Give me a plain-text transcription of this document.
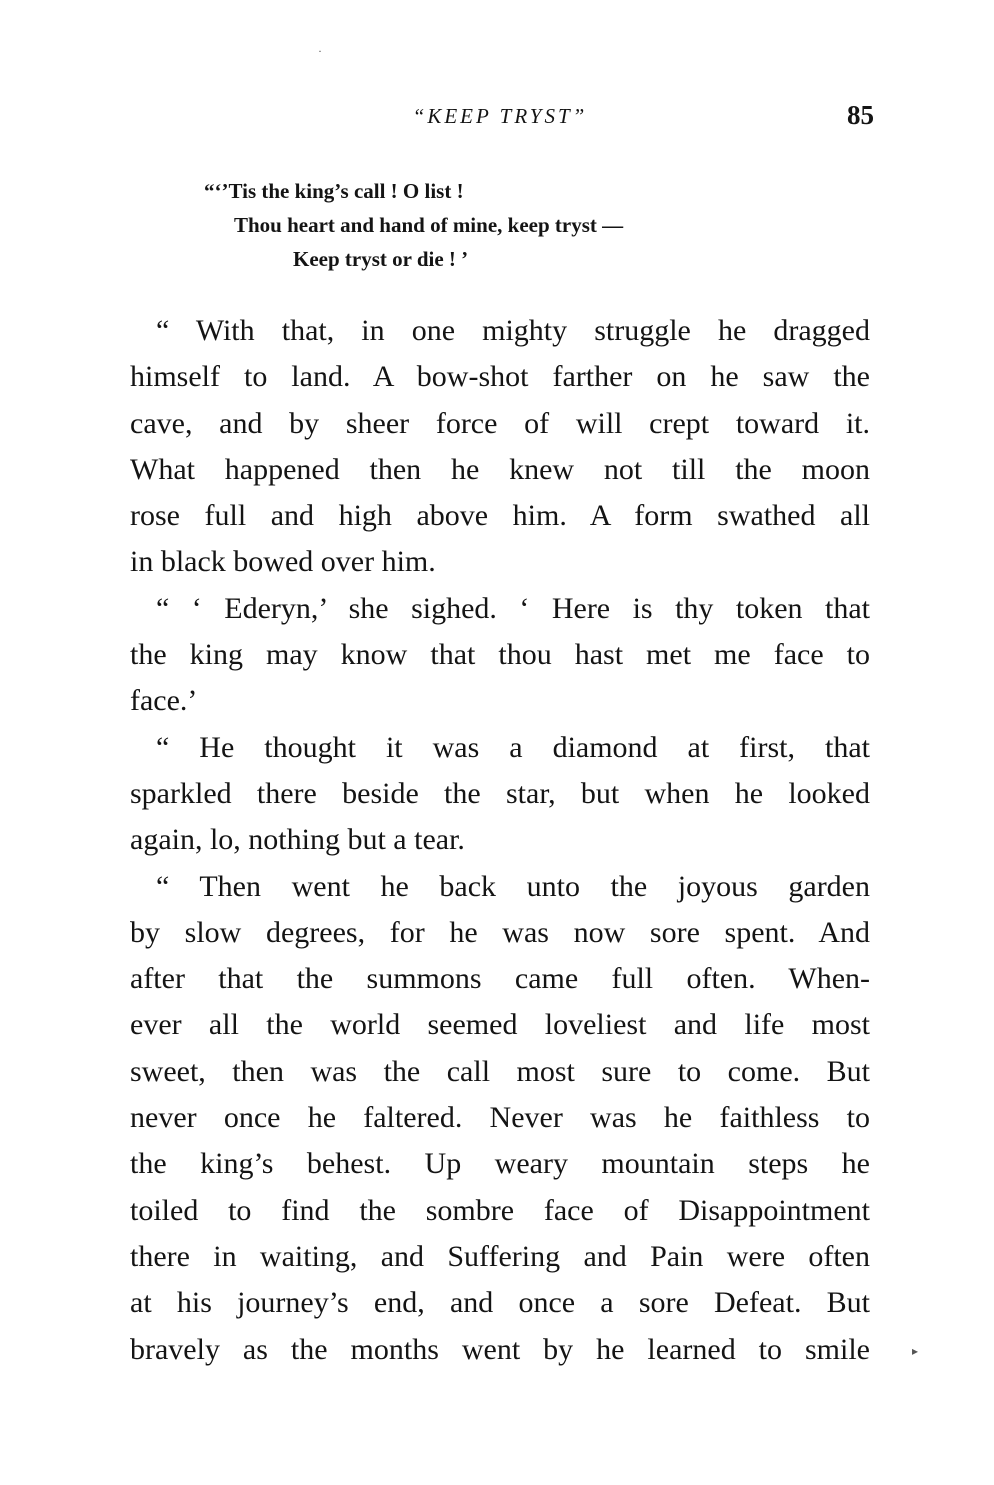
“KEEP TRYST”	85
“‘’Tis the king’s call ! O list !
Thou heart and hand of mine, keep tryst —
Keep tryst or die ! ’
“ With that, in one mighty struggle he dragged
himself to land. A bow-shot farther on he saw the
cave, and by sheer force of will crept toward it.
What happened then he knew not till the moon
rose full and high above him. A form swathed all
in black bowed over him.
“ ‘ Ederyn,’ she sighed. ‘ Here is thy token that
the king may know that thou hast met me face to
face.’
“ He thought it was a diamond at first, that
sparkled there beside the star, but when he looked
again, lo, nothing but a tear.
“ Then went he back unto the joyous garden
by slow degrees, for he was now sore spent. And
after that the summons came full often. When-
ever all the world seemed loveliest and life most
sweet, then was the call most sure to come. But
never once he faltered. Never was he faithless to
the king’s behest. Up weary mountain steps he
toiled to find the sombre face of Disappointment
there in waiting, and Suffering and Pain were often
at his journey’s end, and once a sore Defeat. But
bravely as the months went by he learned to smile
·
▸
